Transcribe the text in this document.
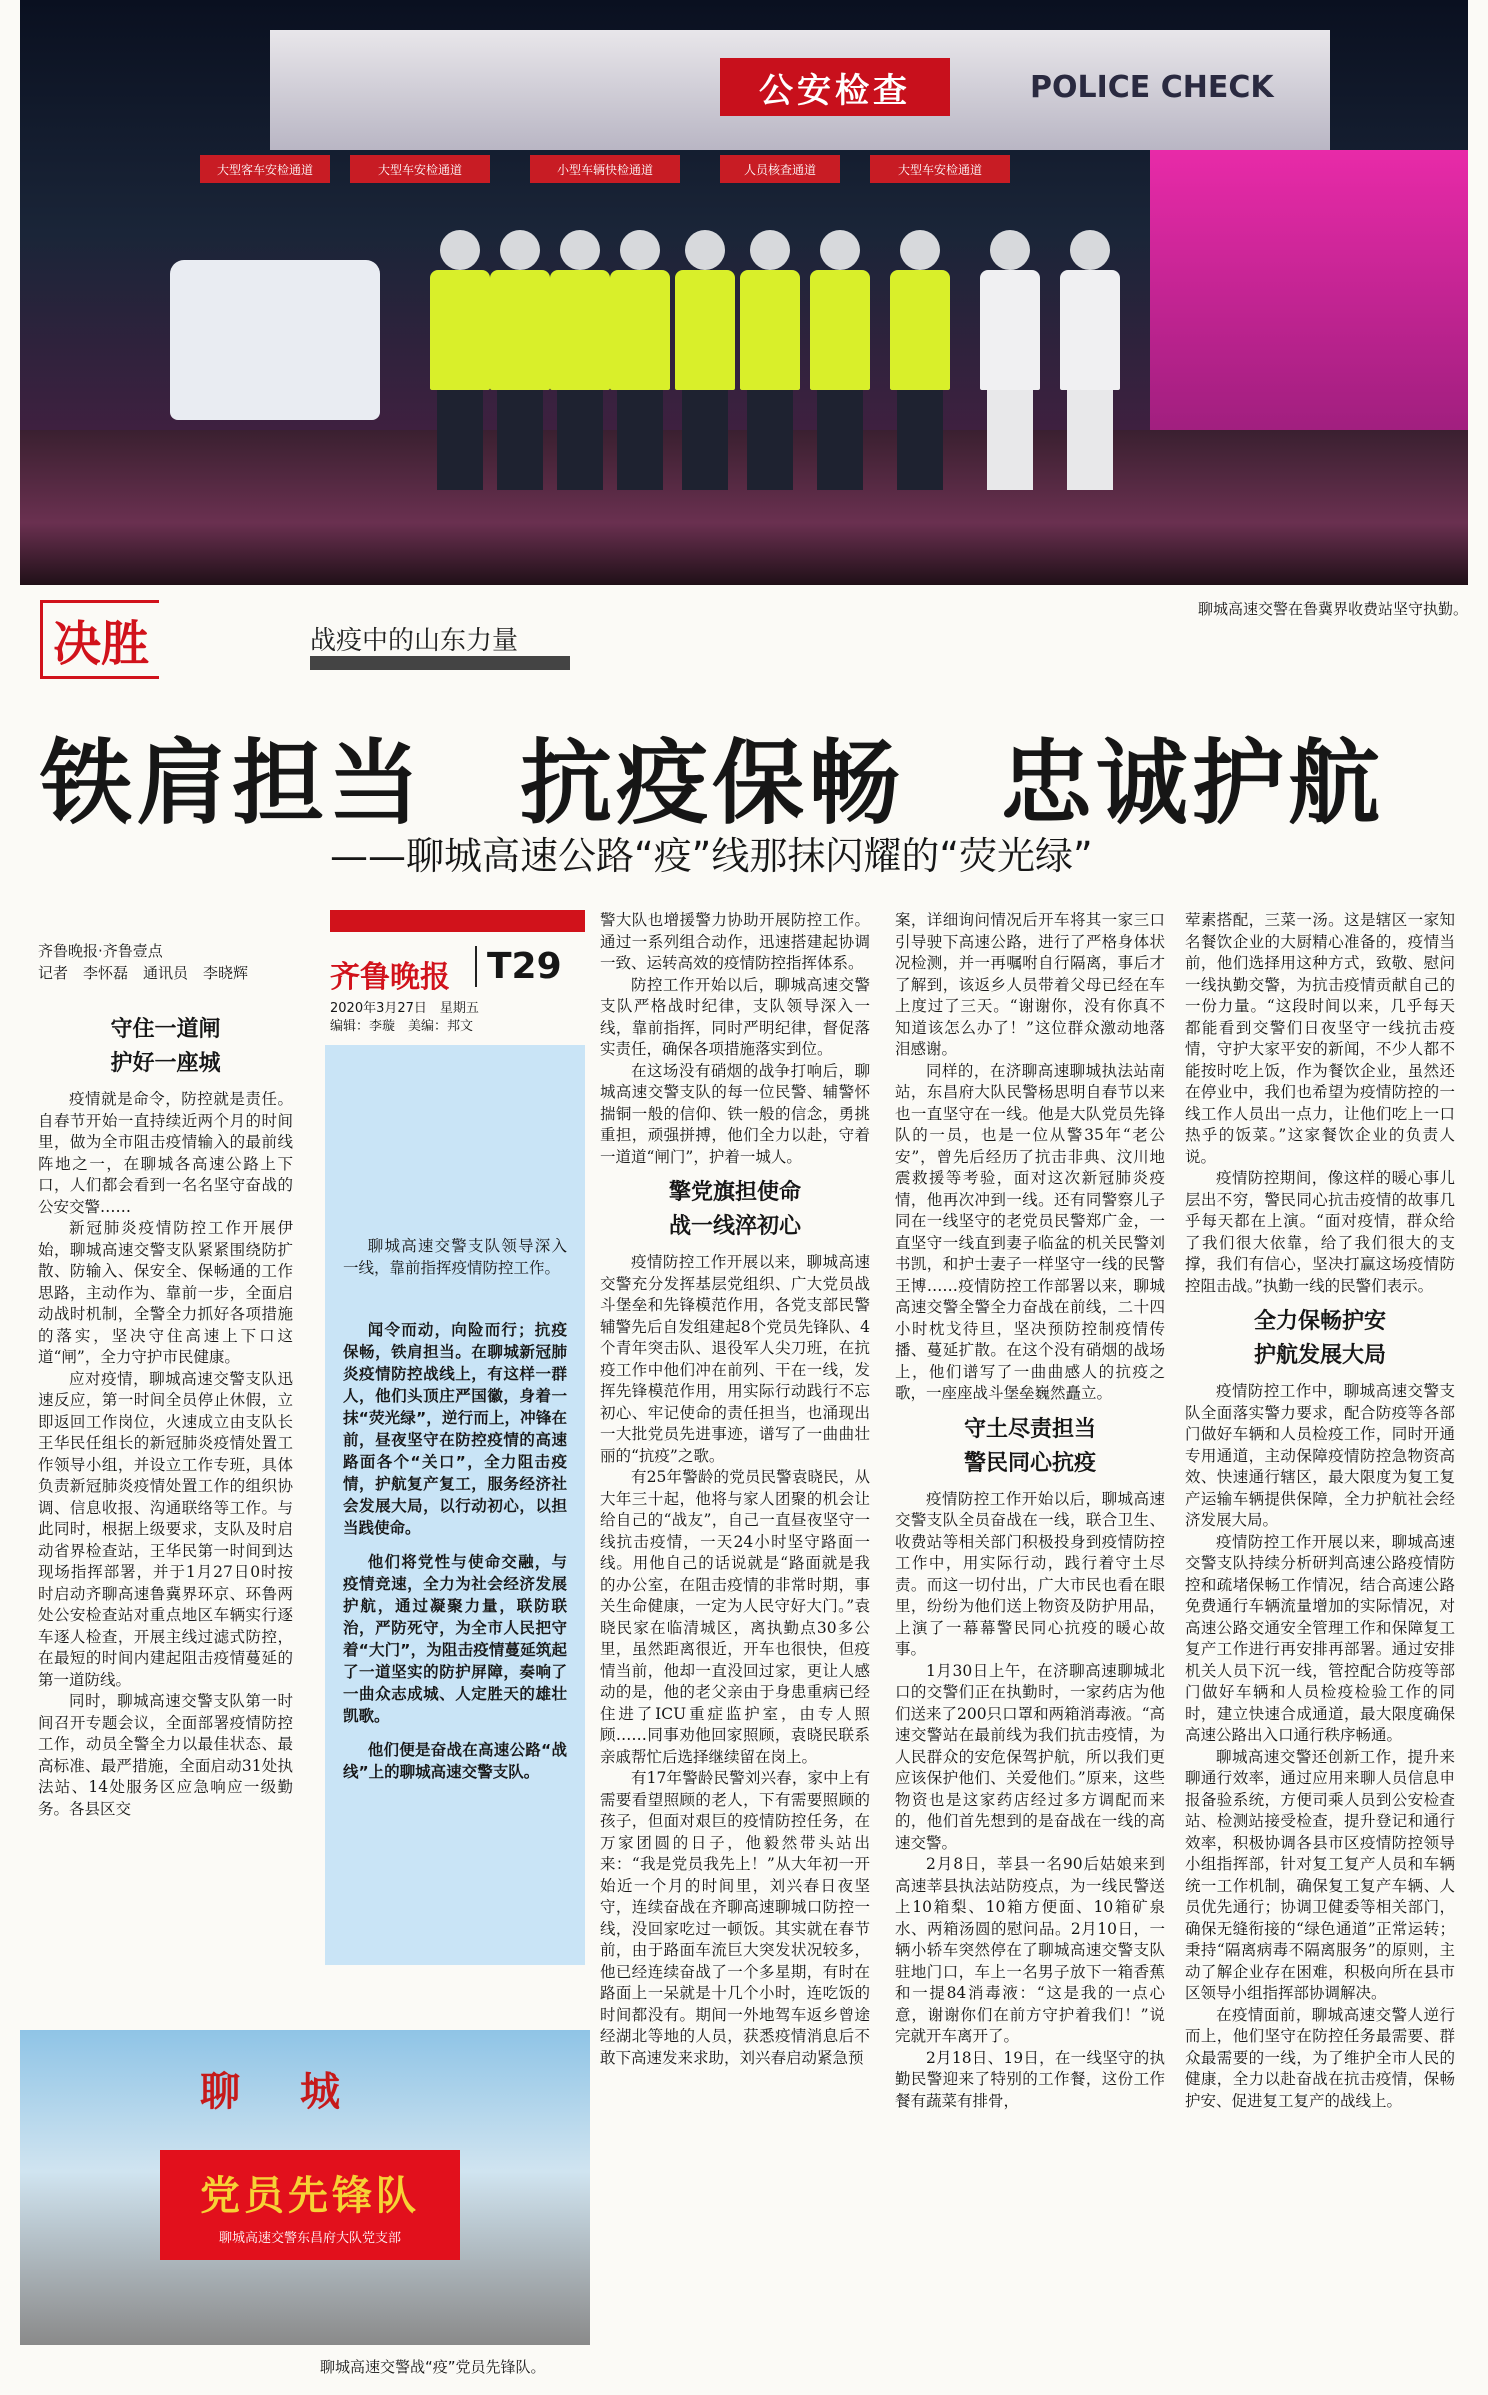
公安检查	POLICE CHECK
大型客车安检通道	大型车安检通道	小型车辆快检通道	人员核查通道	大型车安检通道
聊城高速交警在鲁冀界收费站坚守执勤。
决胜	战疫中的山东力量
铁肩担当　抗疫保畅　忠诚护航
——聊城高速公路“疫”线那抹闪耀的“荧光绿”
齐鲁晚报·齐鲁壹点
记者　李怀磊　通讯员　李晓辉
守住一道闸
护好一座城

疫情就是命令，防控就是责任。自春节开始一直持续近两个月的时间里，做为全市阻击疫情输入的最前线阵地之一，在聊城各高速公路上下口，人们都会看到一名名坚守奋战的公安交警……

新冠肺炎疫情防控工作开展伊始，聊城高速交警支队紧紧围绕防扩散、防输入、保安全、保畅通的工作思路，主动作为、靠前一步，全面启动战时机制，全警全力抓好各项措施的落实，坚决守住高速上下口这道“闸”，全力守护市民健康。

应对疫情，聊城高速交警支队迅速反应，第一时间全员停止休假，立即返回工作岗位，火速成立由支队长王华民任组长的新冠肺炎疫情处置工作领导小组，并设立工作专班，具体负责新冠肺炎疫情处置工作的组织协调、信息收报、沟通联络等工作。与此同时，根据上级要求，支队及时启动省界检查站，王华民第一时间到达现场指挥部署，并于1月27日0时按时启动齐聊高速鲁冀界环京、环鲁两处公安检查站对重点地区车辆实行逐车逐人检查，开展主线过滤式防控，在最短的时间内建起阻击疫情蔓延的第一道防线。

同时，聊城高速交警支队第一时间召开专题会议，全面部署疫情防控工作，动员全警全力以最佳状态、最高标准、最严措施，全面启动31处执法站、14处服务区应急响应一级勤务。各县区交

齐鲁晚报	T29
2020年3月27日　星期五
编辑：李璇　美编：邦文

聊城高速交警支队领导深入一线，靠前指挥疫情防控工作。

闻令而动，向险而行；抗疫保畅，铁肩担当。在聊城新冠肺炎疫情防控战线上，有这样一群人，他们头顶庄严国徽，身着一抹“荧光绿”，逆行而上，冲锋在前，昼夜坚守在防控疫情的高速路面各个“关口”，全力阻击疫情，护航复产复工，服务经济社会发展大局，以行动初心，以担当践使命。

他们将党性与使命交融，与疫情竞速，全力为社会经济发展护航，通过凝聚力量，联防联治，严防死守，为全市人民把守着“大门”，为阻击疫情蔓延筑起了一道坚实的防护屏障，奏响了一曲众志成城、人定胜天的雄壮凯歌。

他们便是奋战在高速公路“战线”上的聊城高速交警支队。

聊城
党员先锋队
聊城高速交警东昌府大队党支部
聊城高速交警战“疫”党员先锋队。

警大队也增援警力协助开展防控工作。通过一系列组合动作，迅速搭建起协调一致、运转高效的疫情防控指挥体系。

防控工作开始以后，聊城高速交警支队严格战时纪律，支队领导深入一线，靠前指挥，同时严明纪律，督促落实责任，确保各项措施落实到位。

在这场没有硝烟的战争打响后，聊城高速交警支队的每一位民警、辅警怀揣铜一般的信仰、铁一般的信念，勇挑重担，顽强拼搏，他们全力以赴，守着一道道“闸门”，护着一城人。

擎党旗担使命
战一线淬初心

疫情防控工作开展以来，聊城高速交警充分发挥基层党组织、广大党员战斗堡垒和先锋模范作用，各党支部民警辅警先后自发组建起8个党员先锋队、4个青年突击队、退役军人尖刀班，在抗疫工作中他们冲在前列、干在一线，发挥先锋模范作用，用实际行动践行不忘初心、牢记使命的责任担当，也涌现出一大批党员先进事迹，谱写了一曲曲壮丽的“抗疫”之歌。

有25年警龄的党员民警袁晓民，从大年三十起，他将与家人团聚的机会让给自己的“战友”，自己一直昼夜坚守一线抗击疫情，一天24小时坚守路面一线。用他自己的话说就是“路面就是我的办公室，在阻击疫情的非常时期，事关生命健康，一定为人民守好大门。”袁晓民家在临清城区，离执勤点30多公里，虽然距离很近，开车也很快，但疫情当前，他却一直没回过家，更让人感动的是，他的老父亲由于身患重病已经住进了ICU重症监护室，由专人照顾……同事劝他回家照顾，袁晓民联系亲戚帮忙后选择继续留在岗上。

有17年警龄民警刘兴春，家中上有需要看望照顾的老人，下有需要照顾的孩子，但面对艰巨的疫情防控任务，在万家团圆的日子，他毅然带头站出来：“我是党员我先上！”从大年初一开始近一个月的时间里，刘兴春日夜坚守，连续奋战在齐聊高速聊城口防控一线，没回家吃过一顿饭。其实就在春节前，由于路面车流巨大突发状况较多，他已经连续奋战了一个多星期，有时在路面上一呆就是十几个小时，连吃饭的时间都没有。期间一外地驾车返乡曾途经湖北等地的人员，获悉疫情消息后不敢下高速发来求助，刘兴春启动紧急预

案，详细询问情况后开车将其一家三口引导驶下高速公路，进行了严格身体状况检测，并一再嘱咐自行隔离，事后才了解到，该返乡人员带着父母已经在车上度过了三天。“谢谢你，没有你真不知道该怎么办了！”这位群众激动地落泪感谢。

同样的，在济聊高速聊城执法站南站，东昌府大队民警杨思明自春节以来也一直坚守在一线。他是大队党员先锋队的一员，也是一位从警35年“老公安”，曾先后经历了抗击非典、汶川地震救援等考验，面对这次新冠肺炎疫情，他再次冲到一线。还有同警察儿子同在一线坚守的老党员民警郑广金，一直坚守一线直到妻子临盆的机关民警刘书凯，和护士妻子一样坚守一线的民警王博……疫情防控工作部署以来，聊城高速交警全警全力奋战在前线，二十四小时枕戈待旦，坚决预防控制疫情传播、蔓延扩散。在这个没有硝烟的战场上，他们谱写了一曲曲感人的抗疫之歌，一座座战斗堡垒巍然矗立。

守土尽责担当
警民同心抗疫

疫情防控工作开始以后，聊城高速交警支队全员奋战在一线，联合卫生、收费站等相关部门积极投身到疫情防控工作中，用实际行动，践行着守土尽责。而这一切付出，广大市民也看在眼里，纷纷为他们送上物资及防护用品，上演了一幕幕警民同心抗疫的暖心故事。

1月30日上午，在济聊高速聊城北口的交警们正在执勤时，一家药店为他们送来了200只口罩和两箱消毒液。“高速交警站在最前线为我们抗击疫情，为人民群众的安危保驾护航，所以我们更应该保护他们、关爱他们。”原来，这些物资也是这家药店经过多方调配而来的，他们首先想到的是奋战在一线的高速交警。

2月8日，莘县一名90后姑娘来到高速莘县执法站防疫点，为一线民警送上10箱梨、10箱方便面、10箱矿泉水、两箱汤圆的慰问品。2月10日，一辆小轿车突然停在了聊城高速交警支队驻地门口，车上一名男子放下一箱香蕉和一提84消毒液：“这是我的一点心意，谢谢你们在前方守护着我们！”说完就开车离开了。

2月18日、19日，在一线坚守的执勤民警迎来了特别的工作餐，这份工作餐有蔬菜有排骨，

荤素搭配，三菜一汤。这是辖区一家知名餐饮企业的大厨精心准备的，疫情当前，他们选择用这种方式，致敬、慰问一线执勤交警，为抗击疫情贡献自己的一份力量。“这段时间以来，几乎每天都能看到交警们日夜坚守一线抗击疫情，守护大家平安的新闻，不少人都不能按时吃上饭，作为餐饮企业，虽然还在停业中，我们也希望为疫情防控的一线工作人员出一点力，让他们吃上一口热乎的饭菜。”这家餐饮企业的负责人说。

疫情防控期间，像这样的暖心事儿层出不穷，警民同心抗击疫情的故事几乎每天都在上演。“面对疫情，群众给了我们很大依靠，给了我们很大的支撑，我们有信心，坚决打赢这场疫情防控阻击战。”执勤一线的民警们表示。

全力保畅护安
护航发展大局

疫情防控工作中，聊城高速交警支队全面落实警力要求，配合防疫等各部门做好车辆和人员检疫工作，同时开通专用通道，主动保障疫情防控急物资高效、快速通行辖区，最大限度为复工复产运输车辆提供保障，全力护航社会经济发展大局。

疫情防控工作开展以来，聊城高速交警支队持续分析研判高速公路疫情防控和疏堵保畅工作情况，结合高速公路免费通行车辆流量增加的实际情况，对高速公路交通安全管理工作和保障复工复产工作进行再安排再部署。通过安排机关人员下沉一线，管控配合防疫等部门做好车辆和人员检疫检验工作的同时，建立快速合成通道，最大限度确保高速公路出入口通行秩序畅通。

聊城高速交警还创新工作，提升来聊通行效率，通过应用来聊人员信息申报备验系统，方便司乘人员到公安检查站、检测站接受检查，提升登记和通行效率，积极协调各县市区疫情防控领导小组指挥部，针对复工复产人员和车辆统一工作机制，确保复工复产车辆、人员优先通行；协调卫健委等相关部门，确保无缝衔接的“绿色通道”正常运转；秉持“隔离病毒不隔离服务”的原则，主动了解企业存在困难，积极向所在县市区领导小组指挥部协调解决。

在疫情面前，聊城高速交警人逆行而上，他们坚守在防控任务最需要、群众最需要的一线，为了维护全市人民的健康，全力以赴奋战在抗击疫情，保畅护安、促进复工复产的战线上。
